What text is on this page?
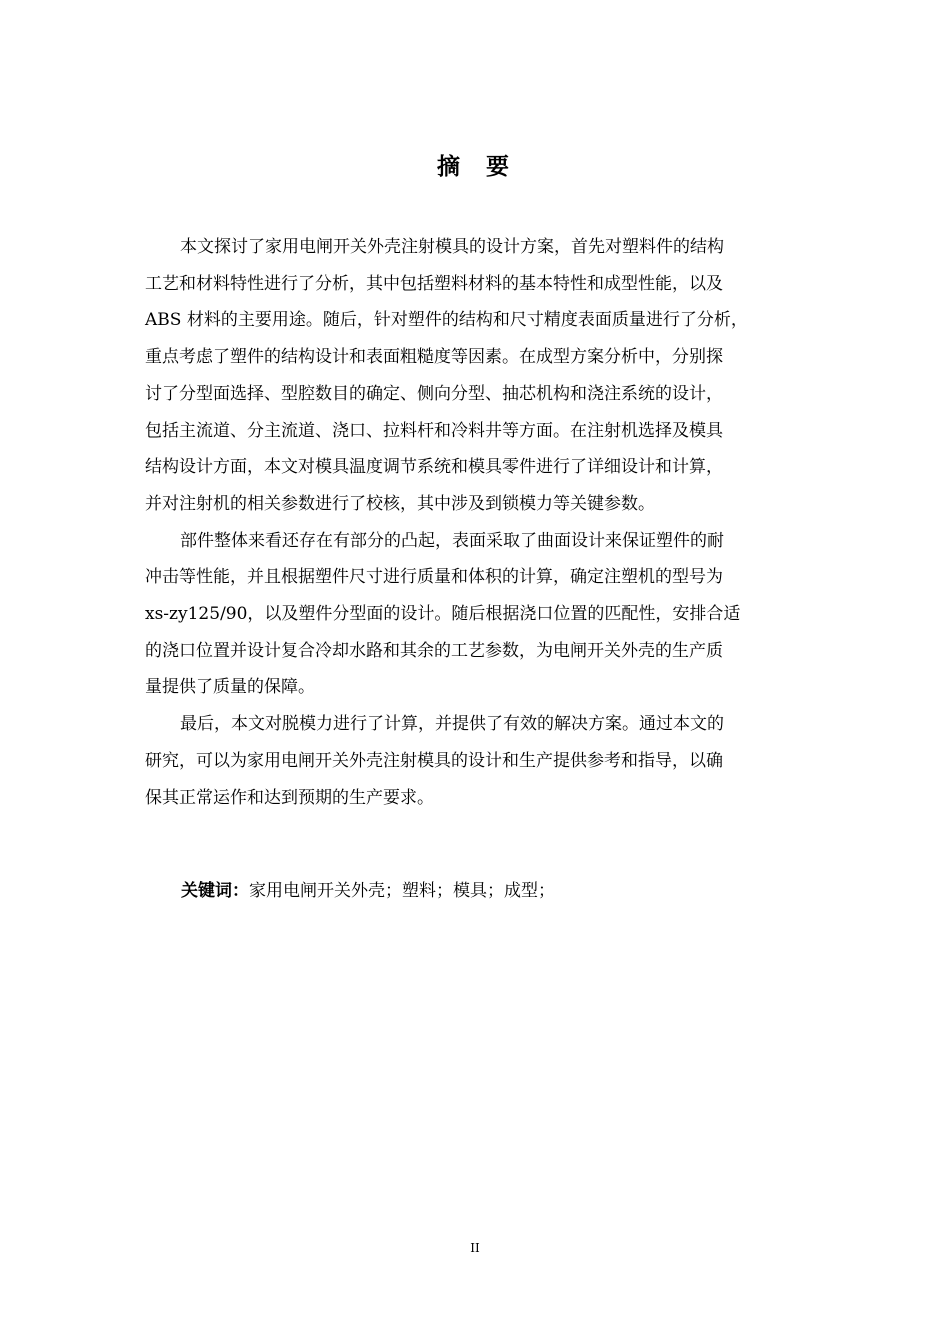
摘 要

本文探讨了家用电闸开关外壳注射模具的设计方案，首先对塑料件的结构
工艺和材料特性进行了分析，其中包括塑料材料的基本特性和成型性能，以及
ABS 材料的主要用途。随后，针对塑件的结构和尺寸精度表面质量进行了分析，
重点考虑了塑件的结构设计和表面粗糙度等因素。在成型方案分析中，分别探
讨了分型面选择、型腔数目的确定、侧向分型、抽芯机构和浇注系统的设计，
包括主流道、分主流道、浇口、拉料杆和冷料井等方面。在注射机选择及模具
结构设计方面，本文对模具温度调节系统和模具零件进行了详细设计和计算，
并对注射机的相关参数进行了校核，其中涉及到锁模力等关键参数。

部件整体来看还存在有部分的凸起，表面采取了曲面设计来保证塑件的耐
冲击等性能，并且根据塑件尺寸进行质量和体积的计算，确定注塑机的型号为
xs-zy125/90，以及塑件分型面的设计。随后根据浇口位置的匹配性，安排合适
的浇口位置并设计复合冷却水路和其余的工艺参数，为电闸开关外壳的生产质
量提供了质量的保障。

最后，本文对脱模力进行了计算，并提供了有效的解决方案。通过本文的
研究，可以为家用电闸开关外壳注射模具的设计和生产提供参考和指导，以确
保其正常运作和达到预期的生产要求。

关键词：家用电闸开关外壳；塑料；模具；成型；
II
